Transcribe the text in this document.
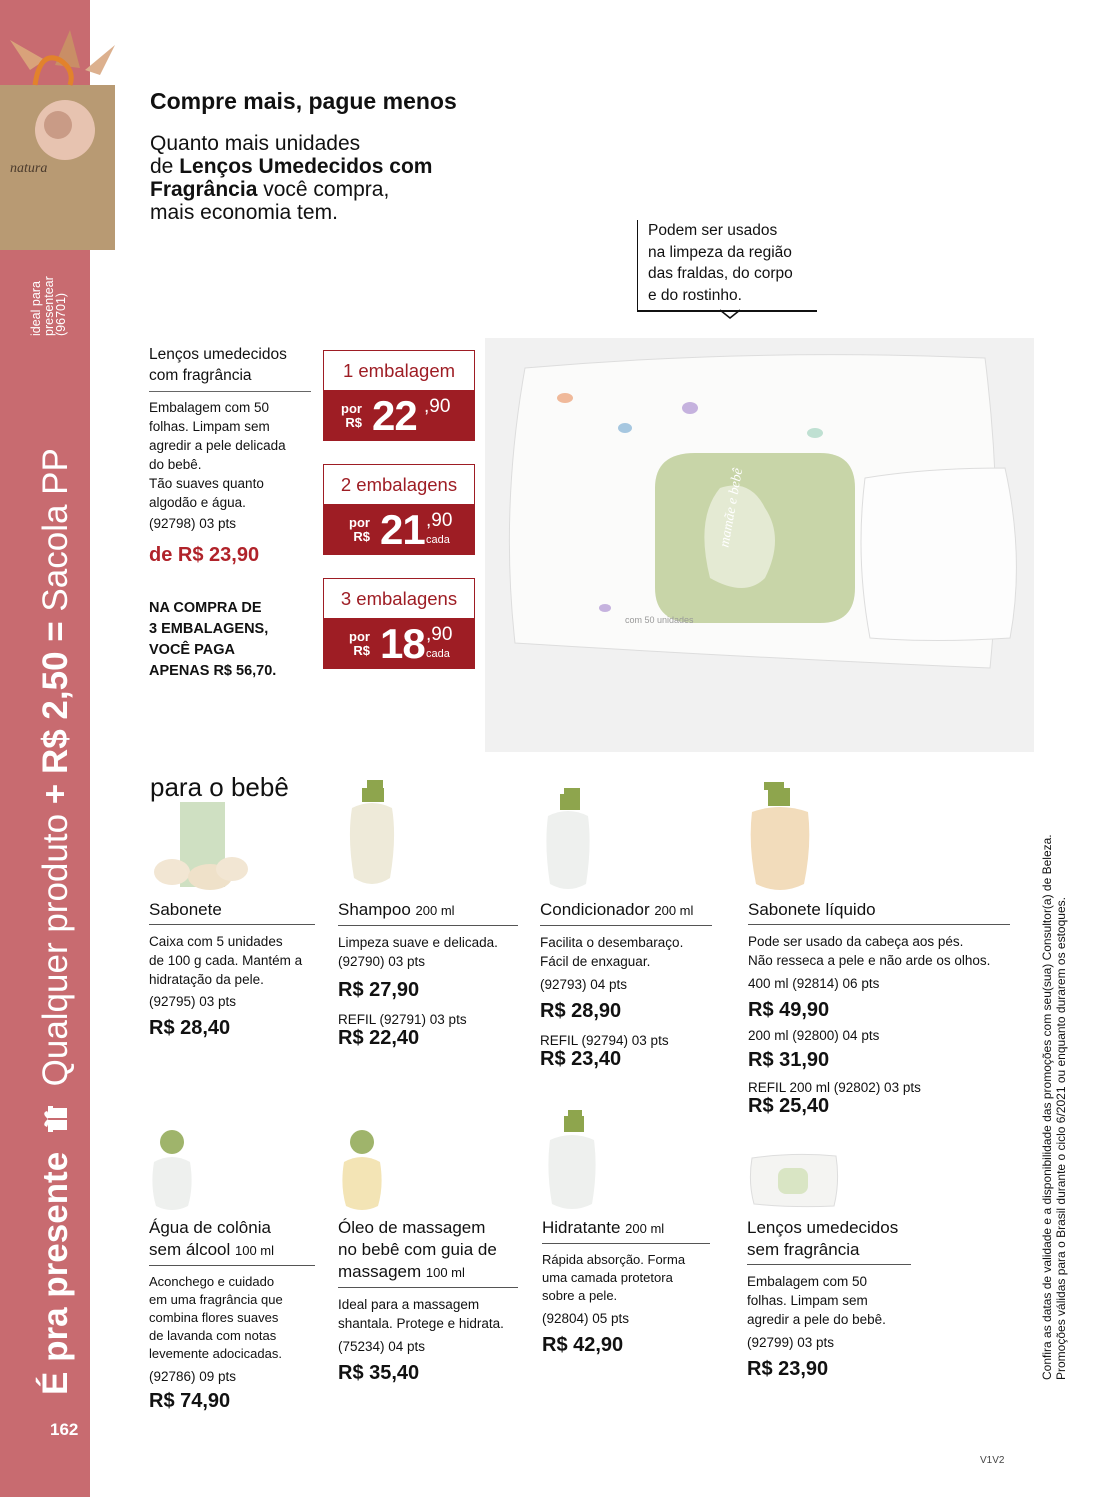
natura
ideal para
presentear
(96701)
É pra presente  Qualquer produto + R$ 2,50 = Sacola PP
162
Compre mais, pague menos
Quanto mais unidades
de Lenços Umedecidos com
Fragrância você compra,
mais economia tem.
Podem ser usados
na limpeza da região
das fraldas, do corpo
e do rostinho.
Lenços umedecidos
com fragrância
Embalagem com 50
folhas. Limpam sem
agredir a pele delicada
do bebê.
Tão suaves quanto
algodão e água.
(92798) 03 pts
de R$ 23,90
NA COMPRA DE
3 EMBALAGENS,
VOCÊ PAGA
APENAS R$ 56,70.
1 embalagem
por
R$ 22 ,90
2 embalagens
por
R$ 21 ,90
cada
3 embalagens
por
R$ 18 ,90
cada
mamãe e bebê
com 50 unidades
para o bebê
Sabonete
Caixa com 5 unidades
de 100 g cada. Mantém a
hidratação da pele.
(92795) 03 pts
R$ 28,40
Shampoo 200 ml
Limpeza suave e delicada.
(92790) 03 pts
R$ 27,90
REFIL (92791) 03 pts
R$ 22,40
Condicionador 200 ml
Facilita o desembaraço.
Fácil de enxaguar.
(92793) 04 pts
R$ 28,90
REFIL (92794) 03 pts
R$ 23,40
Sabonete líquido
Pode ser usado da cabeça aos pés.
Não resseca a pele e não arde os olhos.
400 ml (92814) 06 pts
R$ 49,90
200 ml (92800) 04 pts
R$ 31,90
REFIL 200 ml (92802) 03 pts
R$ 25,40
Água de colônia
sem álcool 100 ml
Aconchego e cuidado
em uma fragrância que
combina flores suaves
de lavanda com notas
levemente adocicadas.
(92786) 09 pts
R$ 74,90
Óleo de massagem
no bebê com guia de
massagem 100 ml
Ideal para a massagem
shantala. Protege e hidrata.
(75234) 04 pts
R$ 35,40
Hidratante 200 ml
Rápida absorção. Forma
uma camada protetora
sobre a pele.
(92804) 05 pts
R$ 42,90
Lenços umedecidos
sem fragrância
Embalagem com 50
folhas. Limpam sem
agredir a pele do bebê.
(92799) 03 pts
R$ 23,90	Confira as datas de validade e a disponibilidade das promoções com seu(sua) Consultor(a) de Beleza. Promoções válidas para o Brasil durante o ciclo 6/2021 ou enquanto durarem os estoques.
V1V2
